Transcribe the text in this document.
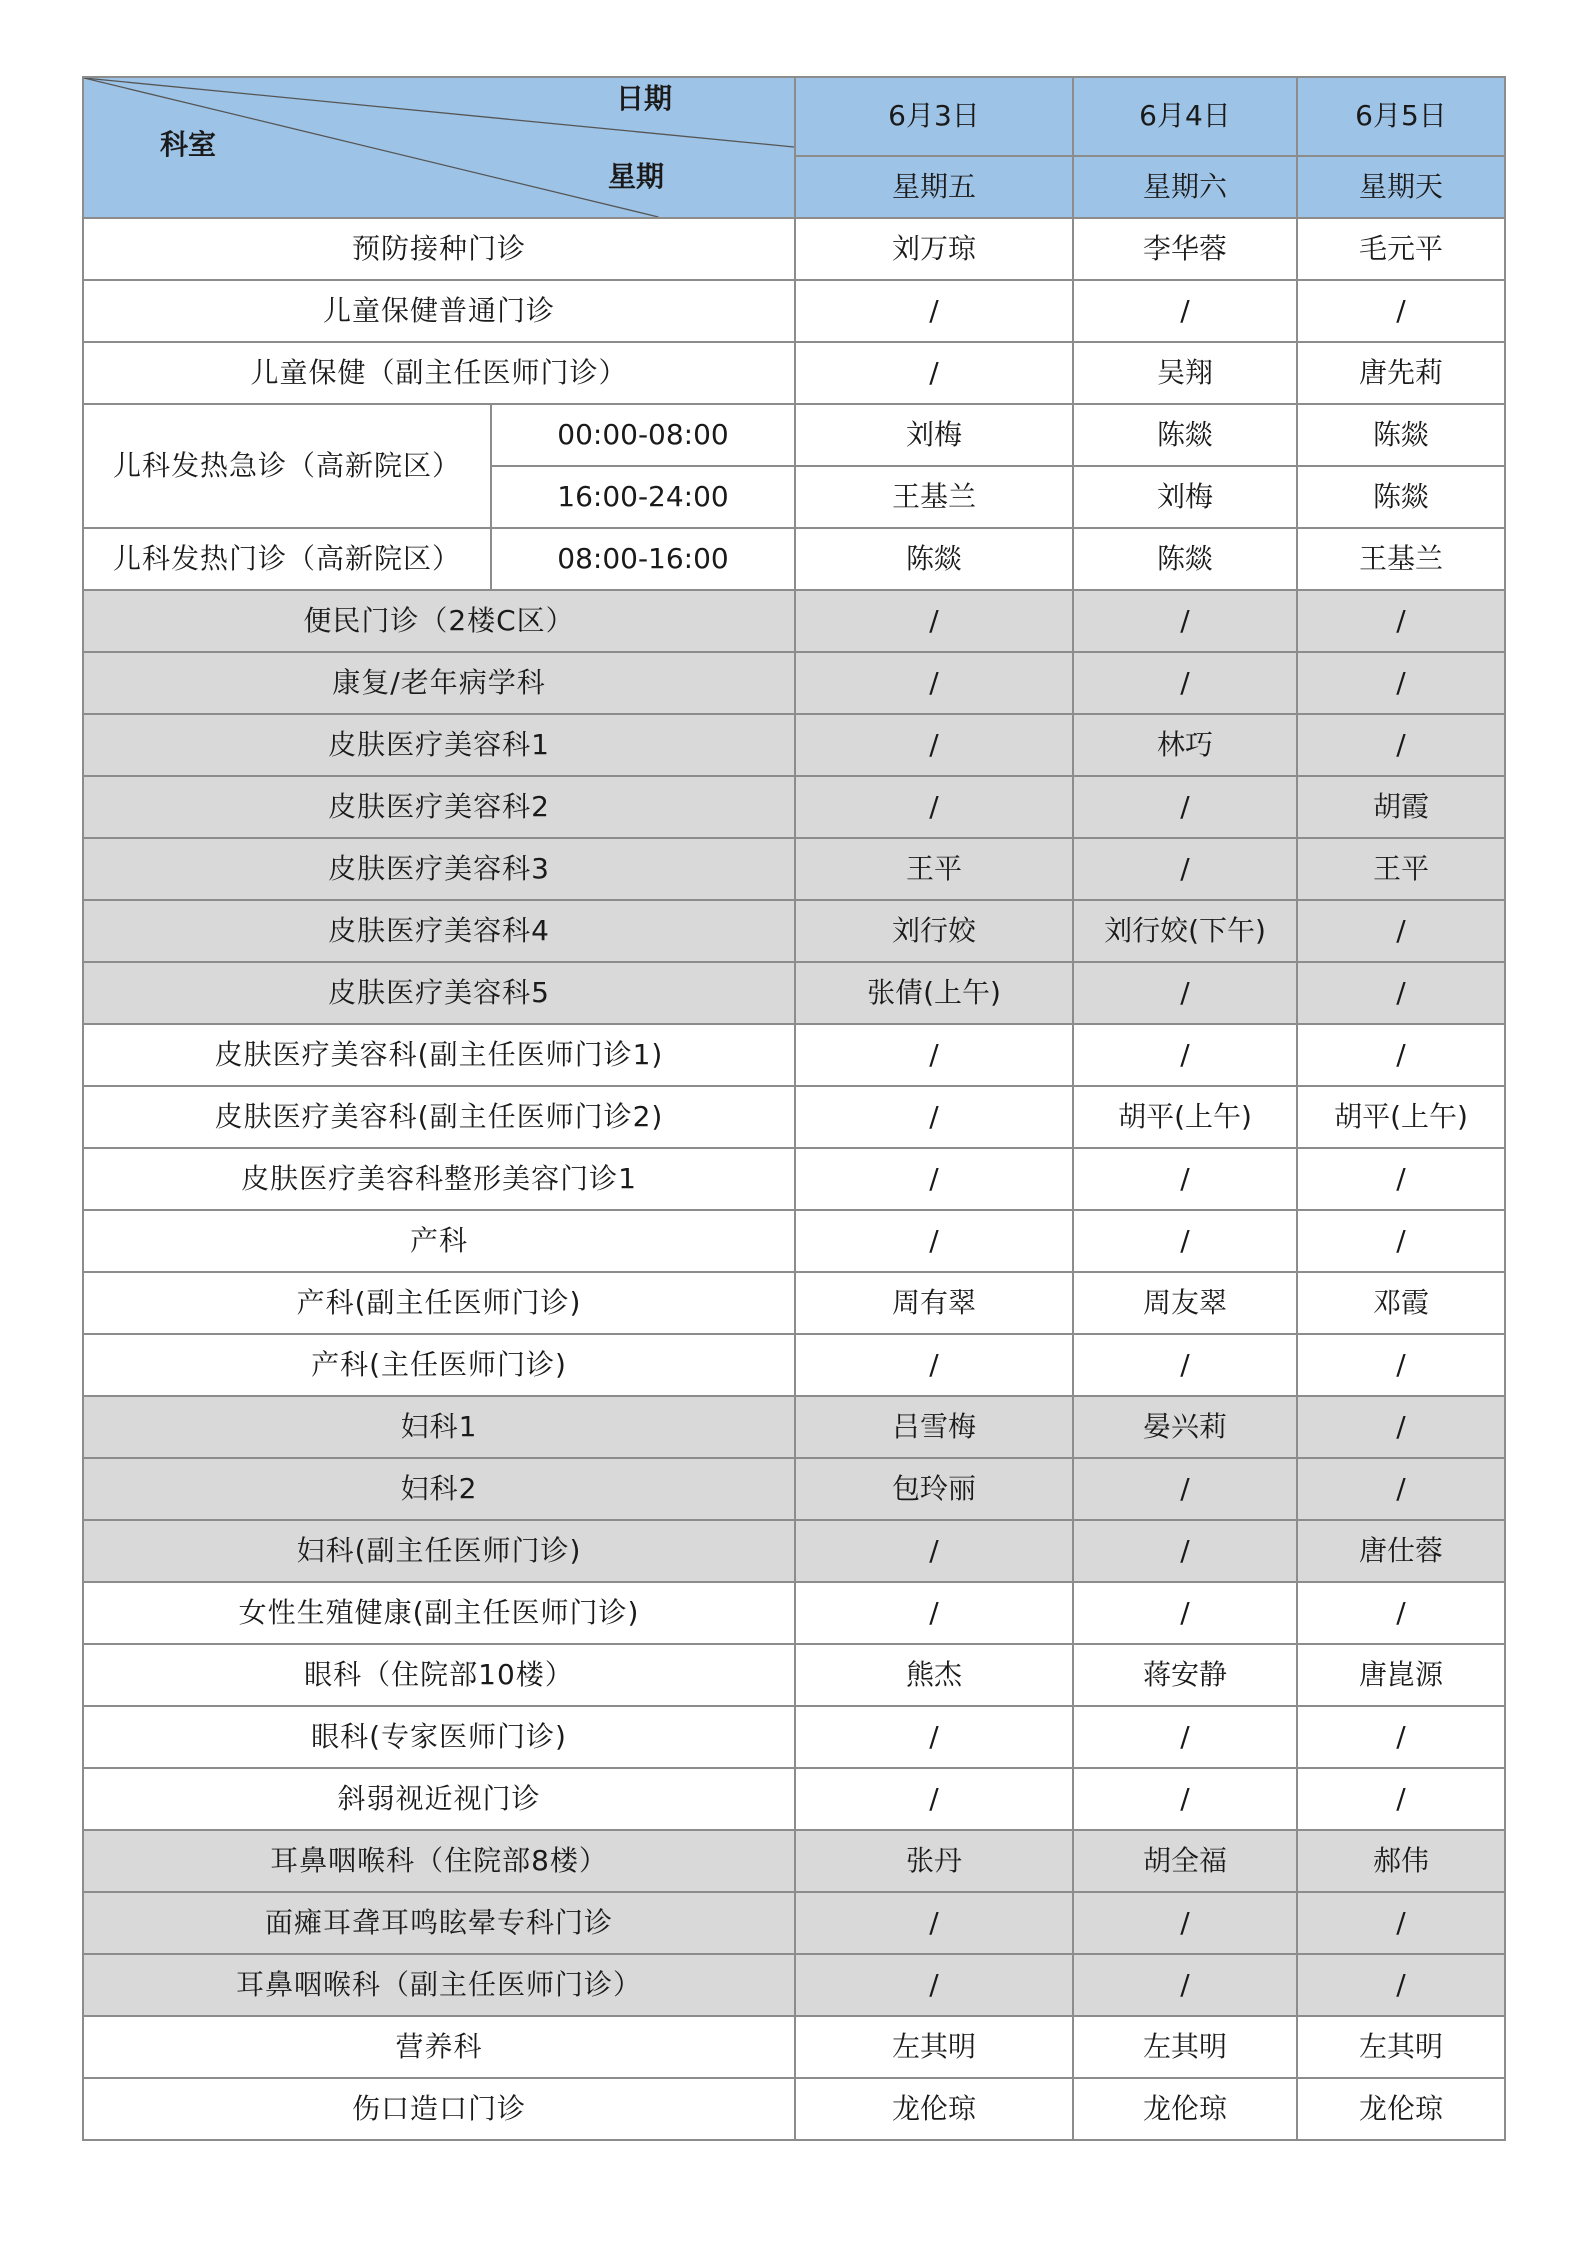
日期
星期
科室		6月3日	6月4日	6月5日
		星期五	星期六	星期天
预防接种门诊		刘万琼	李华蓉	毛元平
儿童保健普通门诊		/	/	/
儿童保健（副主任医师门诊）		/	吴翔	唐先莉
儿科发热急诊（高新院区）	00:00-08:00	刘梅	陈燚	陈燚
	16:00-24:00	王基兰	刘梅	陈燚
儿科发热门诊（高新院区）	08:00-16:00	陈燚	陈燚	王基兰
便民门诊（2楼C区）		/	/	/
康复/老年病学科		/	/	/
皮肤医疗美容科1		/	林巧	/
皮肤医疗美容科2		/	/	胡霞
皮肤医疗美容科3		王平	/	王平
皮肤医疗美容科4		刘行姣	刘行姣(下午)	/
皮肤医疗美容科5		张倩(上午)	/	/
皮肤医疗美容科(副主任医师门诊1)		/	/	/
皮肤医疗美容科(副主任医师门诊2)		/	胡平(上午)	胡平(上午)
皮肤医疗美容科整形美容门诊1		/	/	/
产科		/	/	/
产科(副主任医师门诊)		周有翠	周友翠	邓霞
产科(主任医师门诊)		/	/	/
妇科1		吕雪梅	晏兴莉	/
妇科2		包玲丽	/	/
妇科(副主任医师门诊)		/	/	唐仕蓉
女性生殖健康(副主任医师门诊)		/	/	/
眼科（住院部10楼）		熊杰	蒋安静	唐崑源
眼科(专家医师门诊)		/	/	/
斜弱视近视门诊		/	/	/
耳鼻咽喉科（住院部8楼）		张丹	胡全福	郝伟
面瘫耳聋耳鸣眩晕专科门诊		/	/	/
耳鼻咽喉科（副主任医师门诊）		/	/	/
营养科		左其明	左其明	左其明
伤口造口门诊		龙伦琼	龙伦琼	龙伦琼
